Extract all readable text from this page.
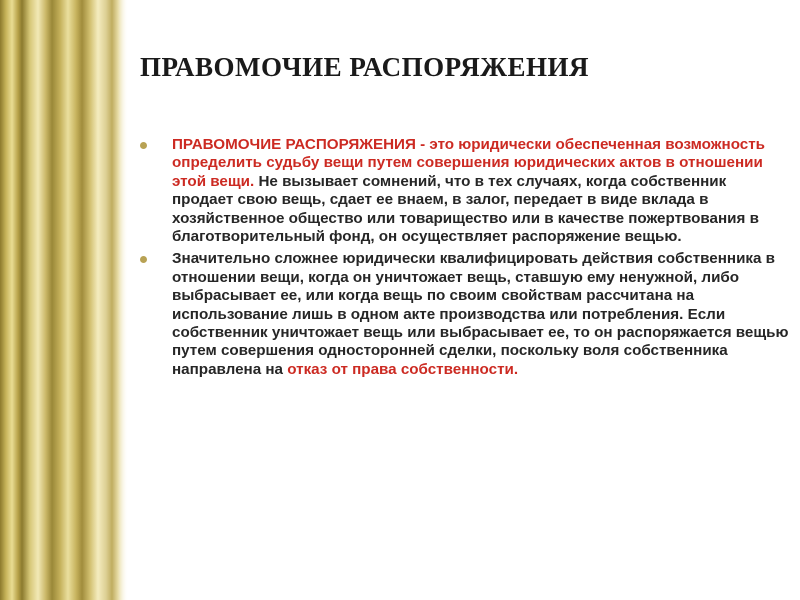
ПРАВОМОЧИЕ РАСПОРЯЖЕНИЯ

ПРАВОМОЧИЕ РАСПОРЯЖЕНИЯ - это юридически обеспеченная возможность определить судьбу вещи путем совершения юридических актов в отношении этой вещи. Не вызывает сомнений, что в тех случаях, когда собственник продает свою вещь, сдает ее внаем, в залог, передает в виде вклада в хозяйственное общество или товарищество или в качестве пожертвования в благотворительный фонд, он осуществляет распоряжение вещью.

Значительно сложнее юридически квалифицировать действия собственника в отношении вещи, когда он уничтожает вещь, ставшую ему ненужной, либо выбрасывает ее, или когда вещь по своим свойствам рассчитана на использование лишь в одном акте производства или потребления. Если собственник уничтожает вещь или выбрасывает ее, то он распоряжается вещью путем совершения односторонней сделки, поскольку воля собственника направлена на отказ от права собственности.
